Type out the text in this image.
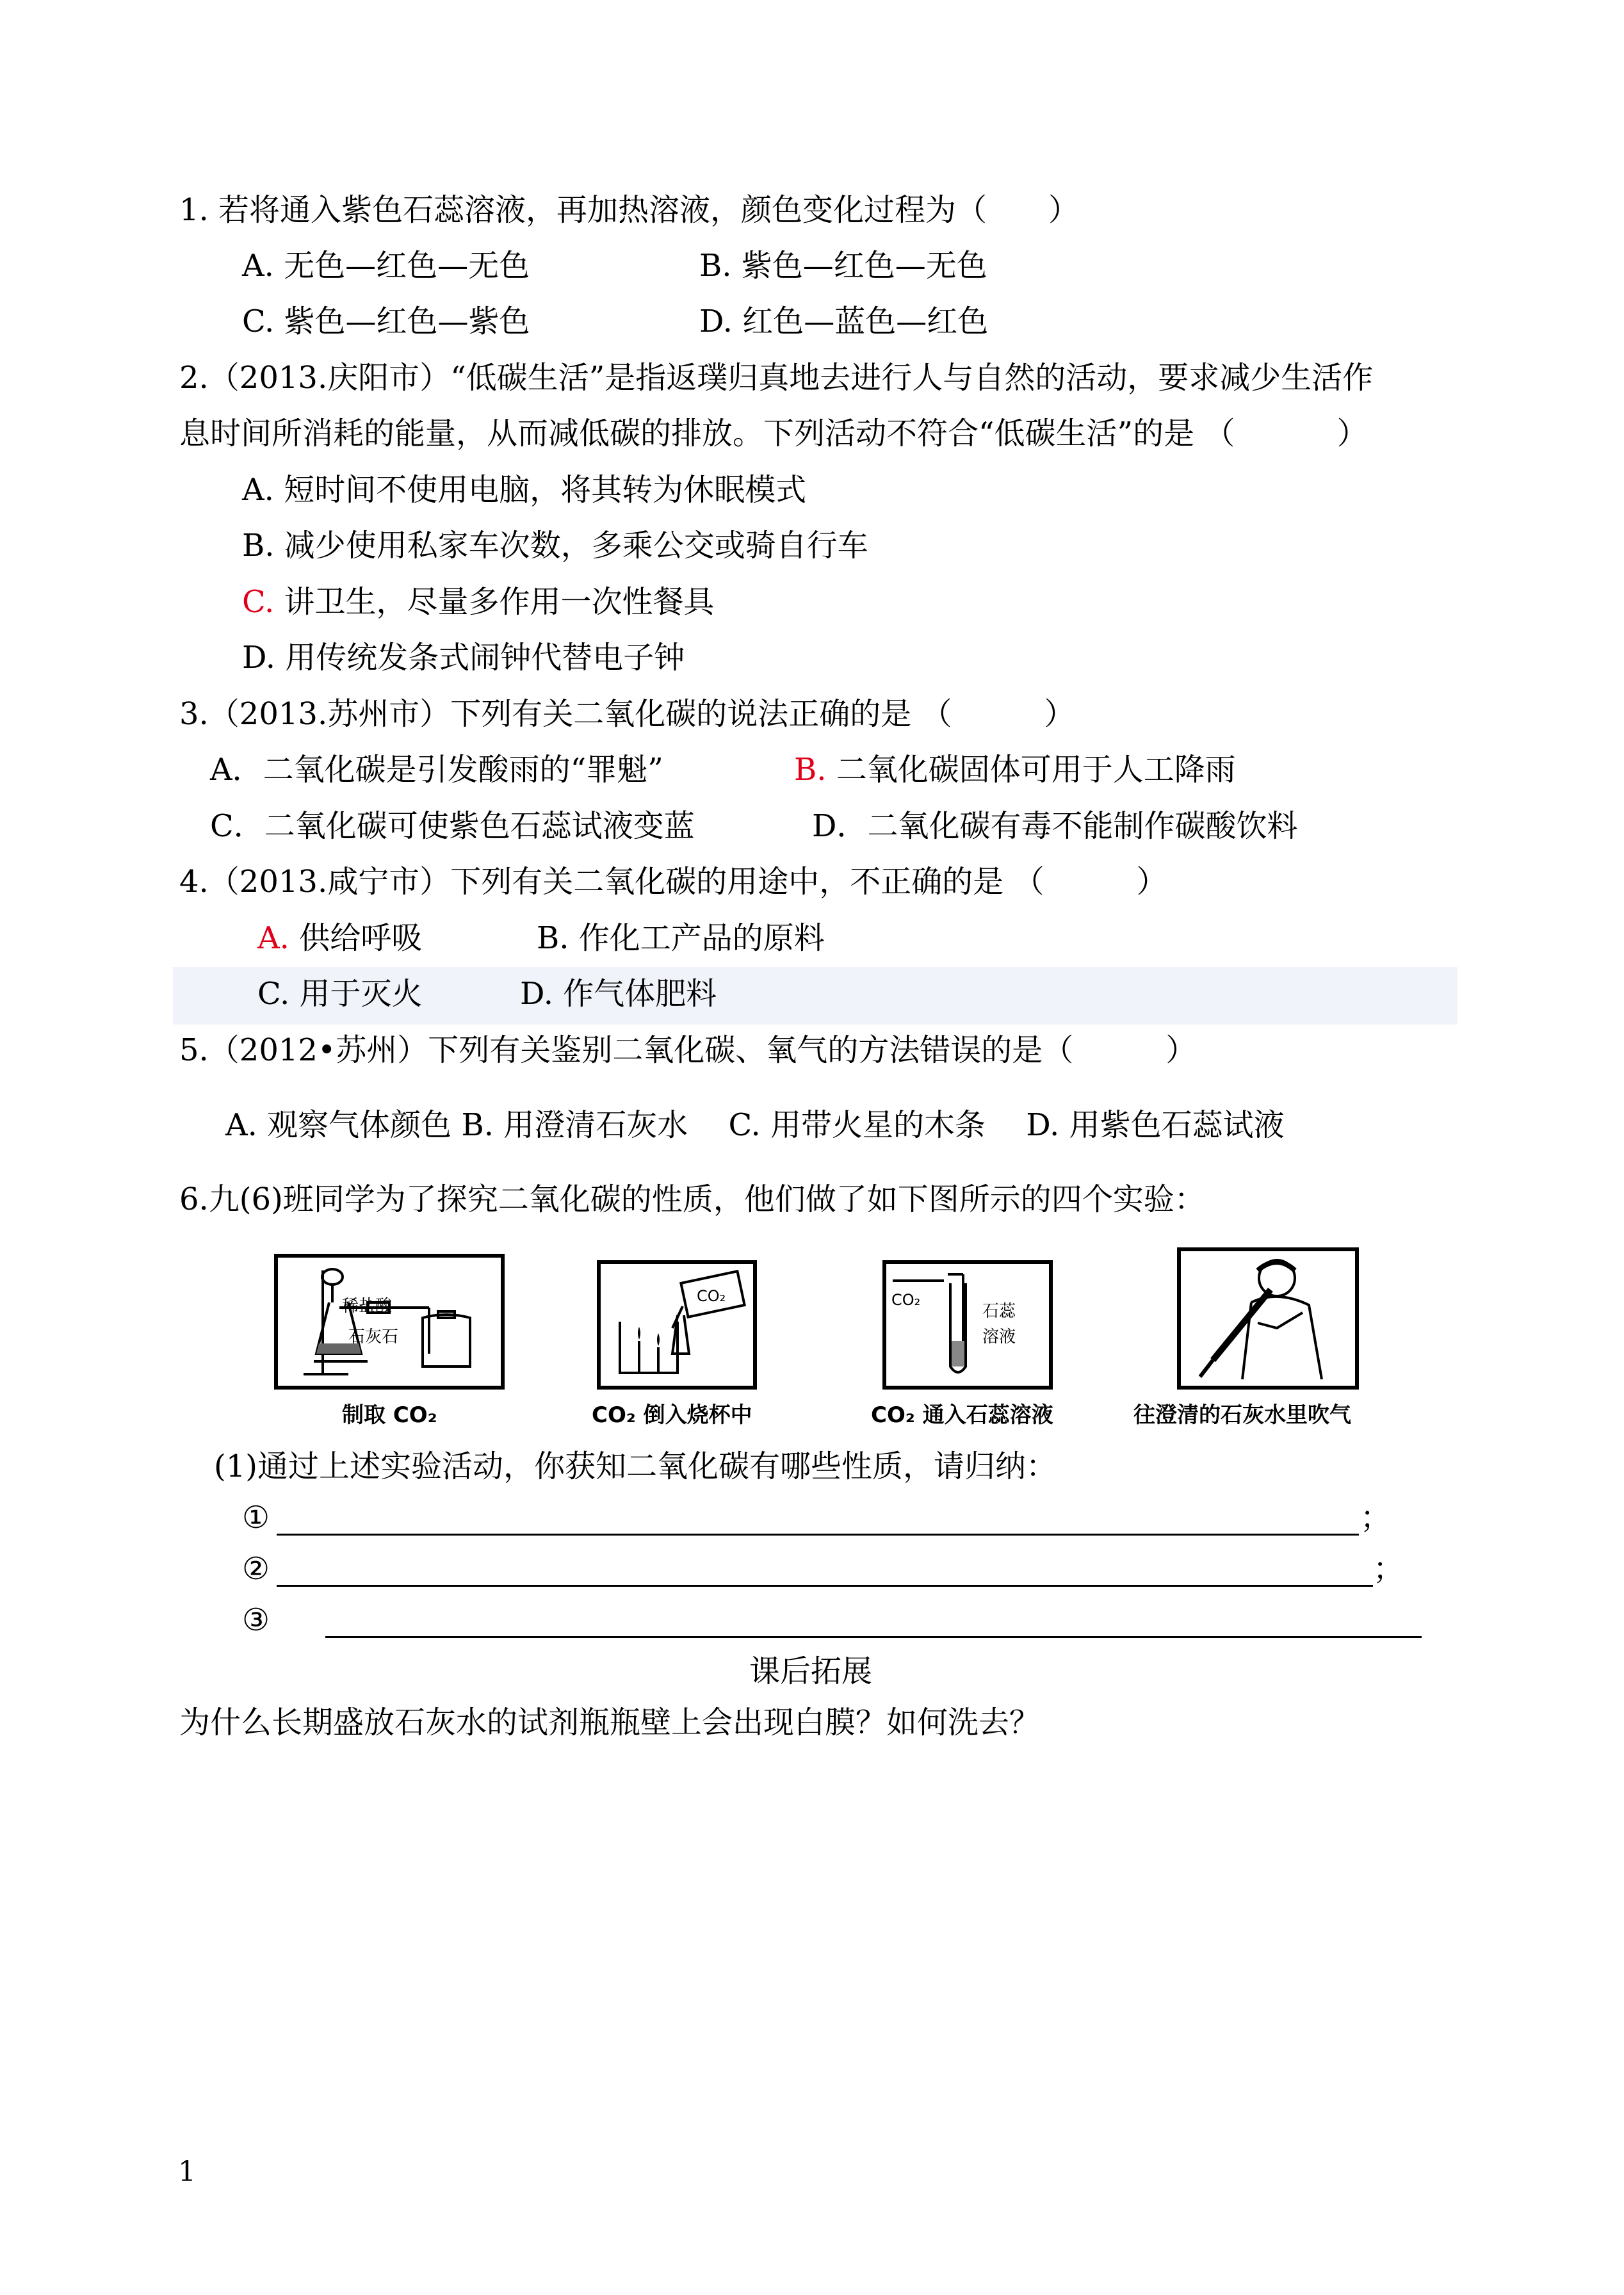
1. 若将通入紫色石蕊溶液，再加热溶液，颜色变化过程为（　　）
A. 无色—红色—无色	B. 紫色—红色—无色
C. 紫色—红色—紫色	D. 红色—蓝色—红色
2.（2013.庆阳市）“低碳生活”是指返璞归真地去进行人与自然的活动，要求减少生活作
息时间所消耗的能量，从而减低碳的排放。下列活动不符合“低碳生活”的是 （　　　 ）
A. 短时间不使用电脑，将其转为休眠模式
B. 减少使用私家车次数，多乘公交或骑自行车
C. 讲卫生，尽量多作用一次性餐具
D. 用传统发条式闹钟代替电子钟
3.（2013.苏州市）下列有关二氧化碳的说法正确的是 （　　　）
A．二氧化碳是引发酸雨的“罪魁”	B. 二氧化碳固体可用于人工降雨
C．二氧化碳可使紫色石蕊试液变蓝	D．二氧化碳有毒不能制作碳酸饮料
4.（2013.咸宁市）下列有关二氧化碳的用途中，不正确的是 （　　　）
A. 供给呼吸	B. 作化工产品的原料
C. 用于灭火	D. 作气体肥料
5.（2012•苏州）下列有关鉴别二氧化碳、氧气的方法错误的是（　　　）
A. 观察气体颜色 B. 用澄清石灰水　 C. 用带火星的木条　 D. 用紫色石蕊试液
6.九(6)班同学为了探究二氧化碳的性质，他们做了如下图所示的四个实验：
稀盐酸
石灰石
制取 CO₂
CO₂
CO₂ 倒入烧杯中
CO₂
石蕊
溶液
CO₂ 通入石蕊溶液	往澄清的石灰水里吹气
(1)通过上述实验活动，你获知二氧化碳有哪些性质，请归纳：
①	；
②	；
③
课后拓展
为什么长期盛放石灰水的试剂瓶瓶壁上会出现白膜？如何洗去？
1
